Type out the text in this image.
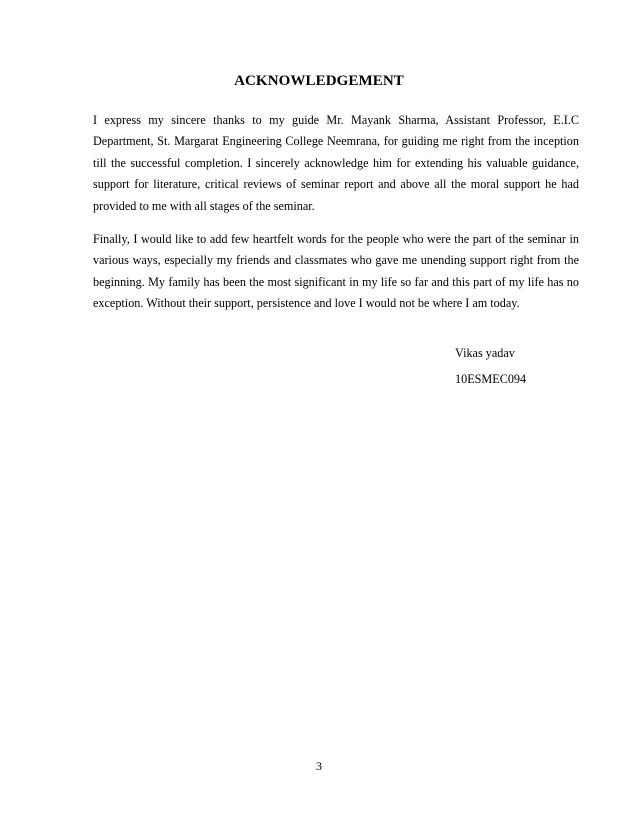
ACKNOWLEDGEMENT

I express my sincere thanks to my guide Mr. Mayank Sharma, Assistant Professor, E.I.C Department, St. Margarat Engineering College Neemrana, for guiding me right from the inception till the successful completion. I sincerely acknowledge him for extending his valuable guidance, support for literature, critical reviews of seminar report and above all the moral support he had provided to me with all stages of the seminar.

Finally, I would like to add few heartfelt words for the people who were the part of the seminar in various ways, especially my friends and classmates who gave me unending support right from the beginning. My family has been the most significant in my life so far and this part of my life has no exception. Without their support, persistence and love I would not be where I am today.

Vikas yadav

10ESMEC094

3
